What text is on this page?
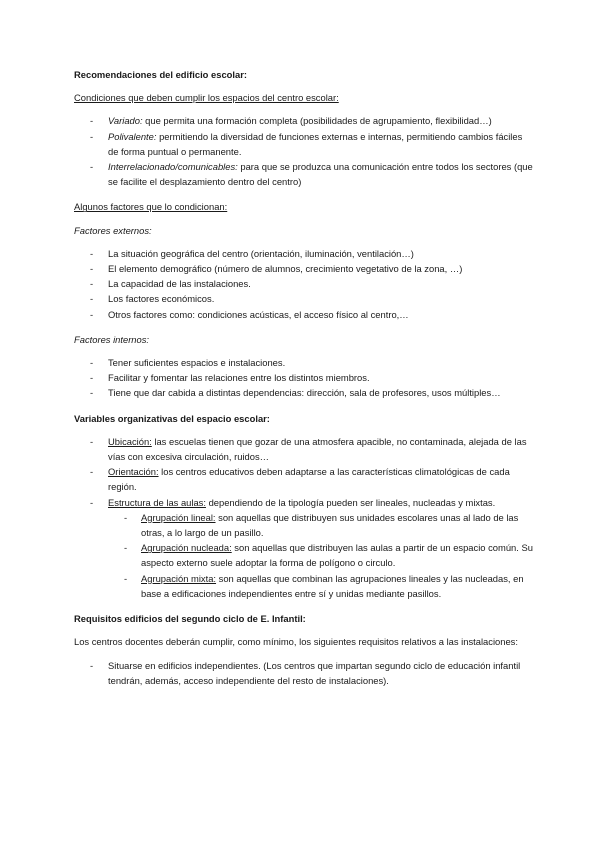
Recomendaciones del edificio escolar:

Condiciones que deben cumplir los espacios del centro escolar:

- Variado: que permita una formación completa (posibilidades de agrupamiento, flexibilidad…)
- Polivalente: permitiendo la diversidad de funciones externas e internas, permitiendo cambios fáciles de forma puntual o permanente.
- Interrelacionado/comunicables: para que se produzca una comunicación entre todos los sectores (que se facilite el desplazamiento dentro del centro)

Algunos factores que lo condicionan:

Factores externos:

- La situación geográfica del centro (orientación, iluminación, ventilación…)
- El elemento demográfico (número de alumnos, crecimiento vegetativo de la zona, …)
- La capacidad de las instalaciones.
- Los factores económicos.
- Otros factores como: condiciones acústicas, el acceso físico al centro,…

Factores internos:

- Tener suficientes espacios e instalaciones.
- Facilitar y fomentar las relaciones entre los distintos miembros.
- Tiene que dar cabida a distintas dependencias: dirección, sala de profesores, usos múltiples…

Variables organizativas del espacio escolar:

- Ubicación: las escuelas tienen que gozar de una atmosfera apacible, no contaminada, alejada de las vías con excesiva circulación, ruidos…
- Orientación: los centros educativos deben adaptarse a las características climatológicas de cada región.
- Estructura de las aulas: dependiendo de la tipología pueden ser lineales, nucleadas y mixtas.
- Agrupación lineal: son aquellas que distribuyen sus unidades escolares unas al lado de las otras, a lo largo de un pasillo.
- Agrupación nucleada: son aquellas que distribuyen las aulas a partir de un espacio común. Su aspecto externo suele adoptar la forma de polígono o circulo.
- Agrupación mixta: son aquellas que combinan las agrupaciones lineales y las nucleadas, en base a edificaciones independientes entre sí y unidas mediante pasillos.

Requisitos edificios del segundo ciclo de E. Infantil:

Los centros docentes deberán cumplir, como mínimo, los siguientes requisitos relativos a las instalaciones:

- Situarse en edificios independientes. (Los centros que impartan segundo ciclo de educación infantil tendrán, además, acceso independiente del resto de instalaciones).
